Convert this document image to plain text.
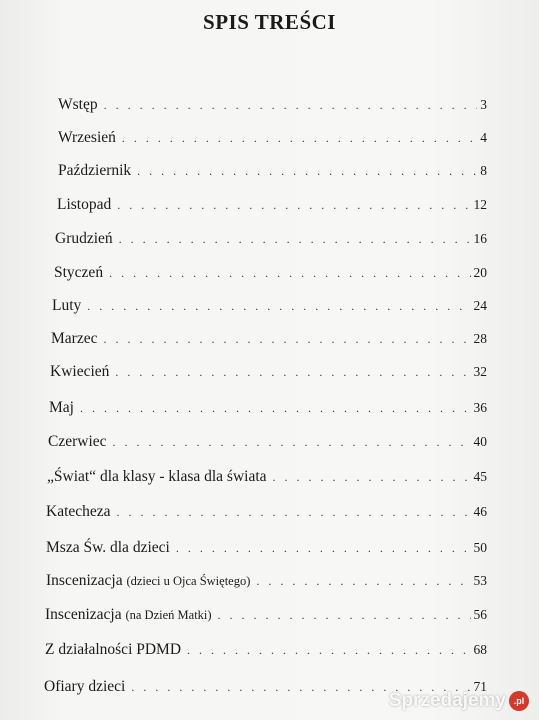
SPIS TREŚCI
Wstęp . . .	3
Wrzesień . . .	4
Październik . . .	8
Listopad . . .	12
Grudzień . . .	16
Styczeń . . .	20
Luty . . .	24
Marzec . . .	28
Kwiecień . . .	32
Maj . . .	36
Czerwiec . . .	40
„Świat“ dla klasy - klasa dla świata . . .	45
Katecheza . . .	46
Msza Św. dla dzieci . . .	50
Inscenizacja (dzieci u Ojca Świętego) . . .	53
Inscenizacja (na Dzień Matki) . . .	56
Z działalności PDMD . . .	68
Ofiary dzieci . . .	71
Sprzedajemy .pl
